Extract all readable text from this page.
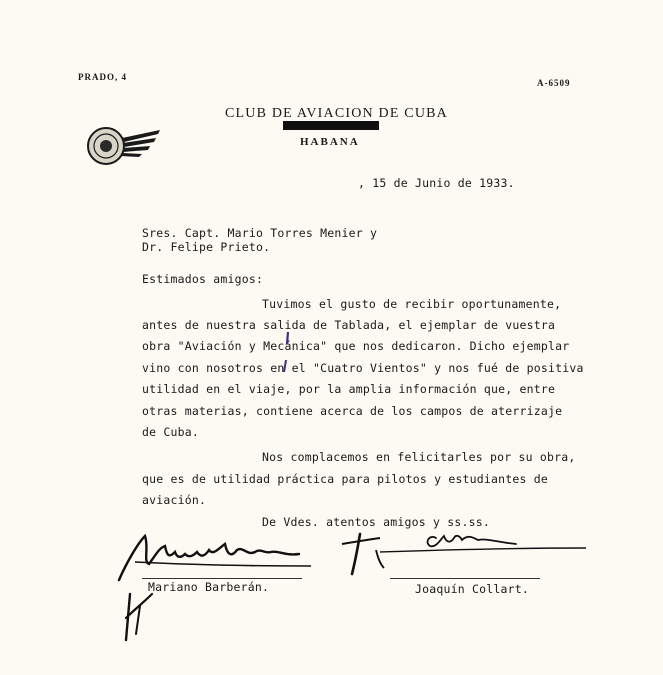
PRADO, 4
A-6509
CLUB DE AVIACION DE CUBA
HABANA
, 15 de Junio de 1933.
Sres. Capt. Mario Torres Menier y
Dr. Felipe Prieto.
Estimados amigos:
Tuvimos el gusto de recibir oportunamente,
antes de nuestra salida de Tablada, el ejemplar de vuestra
obra "Aviación y Mecánica" que nos dedicaron. Dicho ejemplar
vino con nosotros en el "Cuatro Vientos" y nos fué de positiva
utilidad en el viaje, por la amplia información que, entre
otras materias, contiene acerca de los campos de aterrizaje
de Cuba.
Nos complacemos en felicitarles por su obra,
que es de utilidad práctica para pilotos y estudiantes de
aviación.
De Vdes. atentos amigos y ss.ss.
Mariano Barberán.	Joaquín Collart.
